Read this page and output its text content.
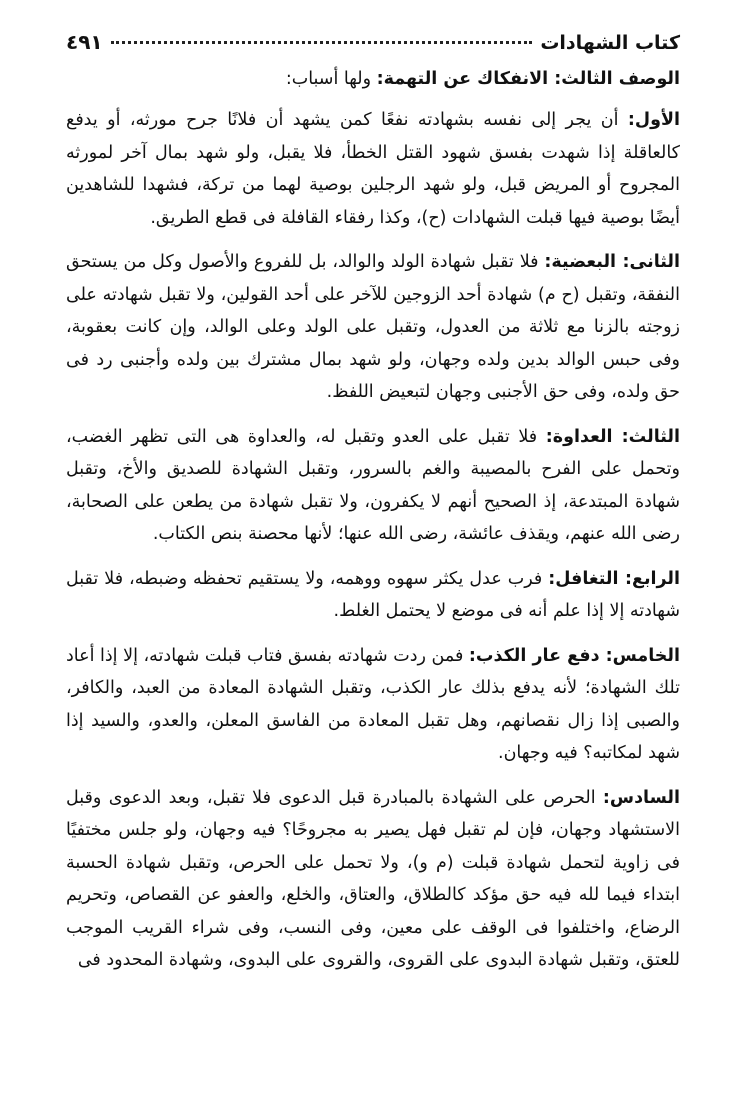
كتاب الشهادات
٤٩١
الوصف الثالث: الانفكاك عن التهمة: ولها أسباب:

الأول: أن يجر إلى نفسه بشهادته نفعًا كمن يشهد أن فلانًا جرح مورثه، أو يدفع كالعاقلة إذا شهدت بفسق شهود القتل الخطأ، فلا يقبل، ولو شهد بمال آخر لمورثه المجروح أو المريض قبل، ولو شهد الرجلين بوصية لهما من تركة، فشهدا للشاهدين أيضًا بوصية فيها قبلت الشهادات (ح)، وكذا رفقاء القافلة فى قطع الطريق.

الثانى: البعضية: فلا تقبل شهادة الولد والوالد، بل للفروع والأصول وكل من يستحق النفقة، وتقبل (ح م) شهادة أحد الزوجين للآخر على أحد القولين، ولا تقبل شهادته على زوجته بالزنا مع ثلاثة من العدول، وتقبل على الولد وعلى الوالد، وإن كانت بعقوبة، وفى حبس الوالد بدين ولده وجهان، ولو شهد بمال مشترك بين ولده وأجنبى رد فى حق ولده، وفى حق الأجنبى وجهان لتبعيض اللفظ.

الثالث: العداوة: فلا تقبل على العدو وتقبل له، والعداوة هى التى تظهر الغضب، وتحمل على الفرح بالمصيبة والغم بالسرور، وتقبل الشهادة للصديق والأخ، وتقبل شهادة المبتدعة، إذ الصحيح أنهم لا يكفرون، ولا تقبل شهادة من يطعن على الصحابة، رضى الله عنهم، ويقذف عائشة، رضى الله عنها؛ لأنها محصنة بنص الكتاب.

الرابع: التغافل: فرب عدل يكثر سهوه ووهمه، ولا يستقيم تحفظه وضبطه، فلا تقبل شهادته إلا إذا علم أنه فى موضع لا يحتمل الغلط.

الخامس: دفع عار الكذب: فمن ردت شهادته بفسق فتاب قبلت شهادته، إلا إذا أعاد تلك الشهادة؛ لأنه يدفع بذلك عار الكذب، وتقبل الشهادة المعادة من العبد، والكافر، والصبى إذا زال نقصانهم، وهل تقبل المعادة من الفاسق المعلن، والعدو، والسيد إذا شهد لمكاتبه؟ فيه وجهان.

السادس: الحرص على الشهادة بالمبادرة قبل الدعوى فلا تقبل، وبعد الدعوى وقبل الاستشهاد وجهان، فإن لم تقبل فهل يصير به مجروحًا؟ فيه وجهان، ولو جلس مختفيًا فى زاوية لتحمل شهادة قبلت (م و)، ولا تحمل على الحرص، وتقبل شهادة الحسبة ابتداء فيما لله فيه حق مؤكد كالطلاق، والعتاق، والخلع، والعفو عن القصاص، وتحريم الرضاع، واختلفوا فى الوقف على معين، وفى النسب، وفى شراء القريب الموجب للعتق، وتقبل شهادة البدوى على القروى، والقروى على البدوى، وشهادة المحدود فى
